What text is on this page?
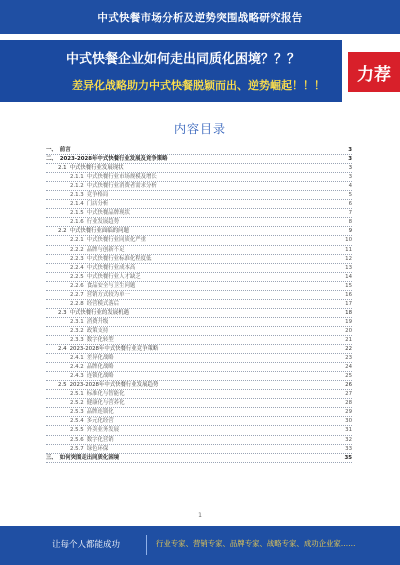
中式快餐市场分析及逆势突围战略研究报告
中式快餐企业如何走出同质化困境？？？
差异化战略助力中式快餐脱颖而出、逆势崛起！！！
力荐
内容目录
一、 前言	3
二、 2023-2028年中式快餐行业发展及竞争策略	3
2.1 中式快餐行业发展现状	3
2.1.1 中式快餐行业市场规模及增长	3
2.1.2 中式快餐行业消费者需求分析	4
2.1.3 竞争格局	5
2.1.4 门店分析	6
2.1.5 中式快餐品牌现状	7
2.1.6 行业发展趋势	8
2.2 中式快餐行业面临的问题	9
2.2.1 中式快餐行业同质化严重	10
2.2.2 品牌与创新不足	11
2.2.3 中式快餐行业标准化程度低	12
2.2.4 中式快餐行业成本高	13
2.2.5 中式快餐行业人才缺乏	14
2.2.6 食品安全与卫生问题	15
2.2.7 营销方式较为单一	16
2.2.8 经营模式落后	17
2.3 中式快餐行业的发展机遇	18
2.3.1 消费升级	19
2.3.2 政策支持	20
2.3.3 数字化转型	21
2.4 2023-2028年中式快餐行业竞争策略	22
2.4.1 差异化战略	23
2.4.2 品牌化战略	24
2.4.3 连锁化战略	25
2.5 2023-2028年中式快餐行业发展趋势	26
2.5.1 标准化与智能化	27
2.5.2 健康化与营养化	28
2.5.3 品牌连锁化	29
2.5.4 多元化经营	30
2.5.5 外卖业务发展	31
2.5.6 数字化营销	32
2.5.7 绿色环保	33
三、 如何突围走出同质化困境	35
1
让每个人都能成功	行业专家、营销专家、品牌专家、战略专家、成功企业家……
